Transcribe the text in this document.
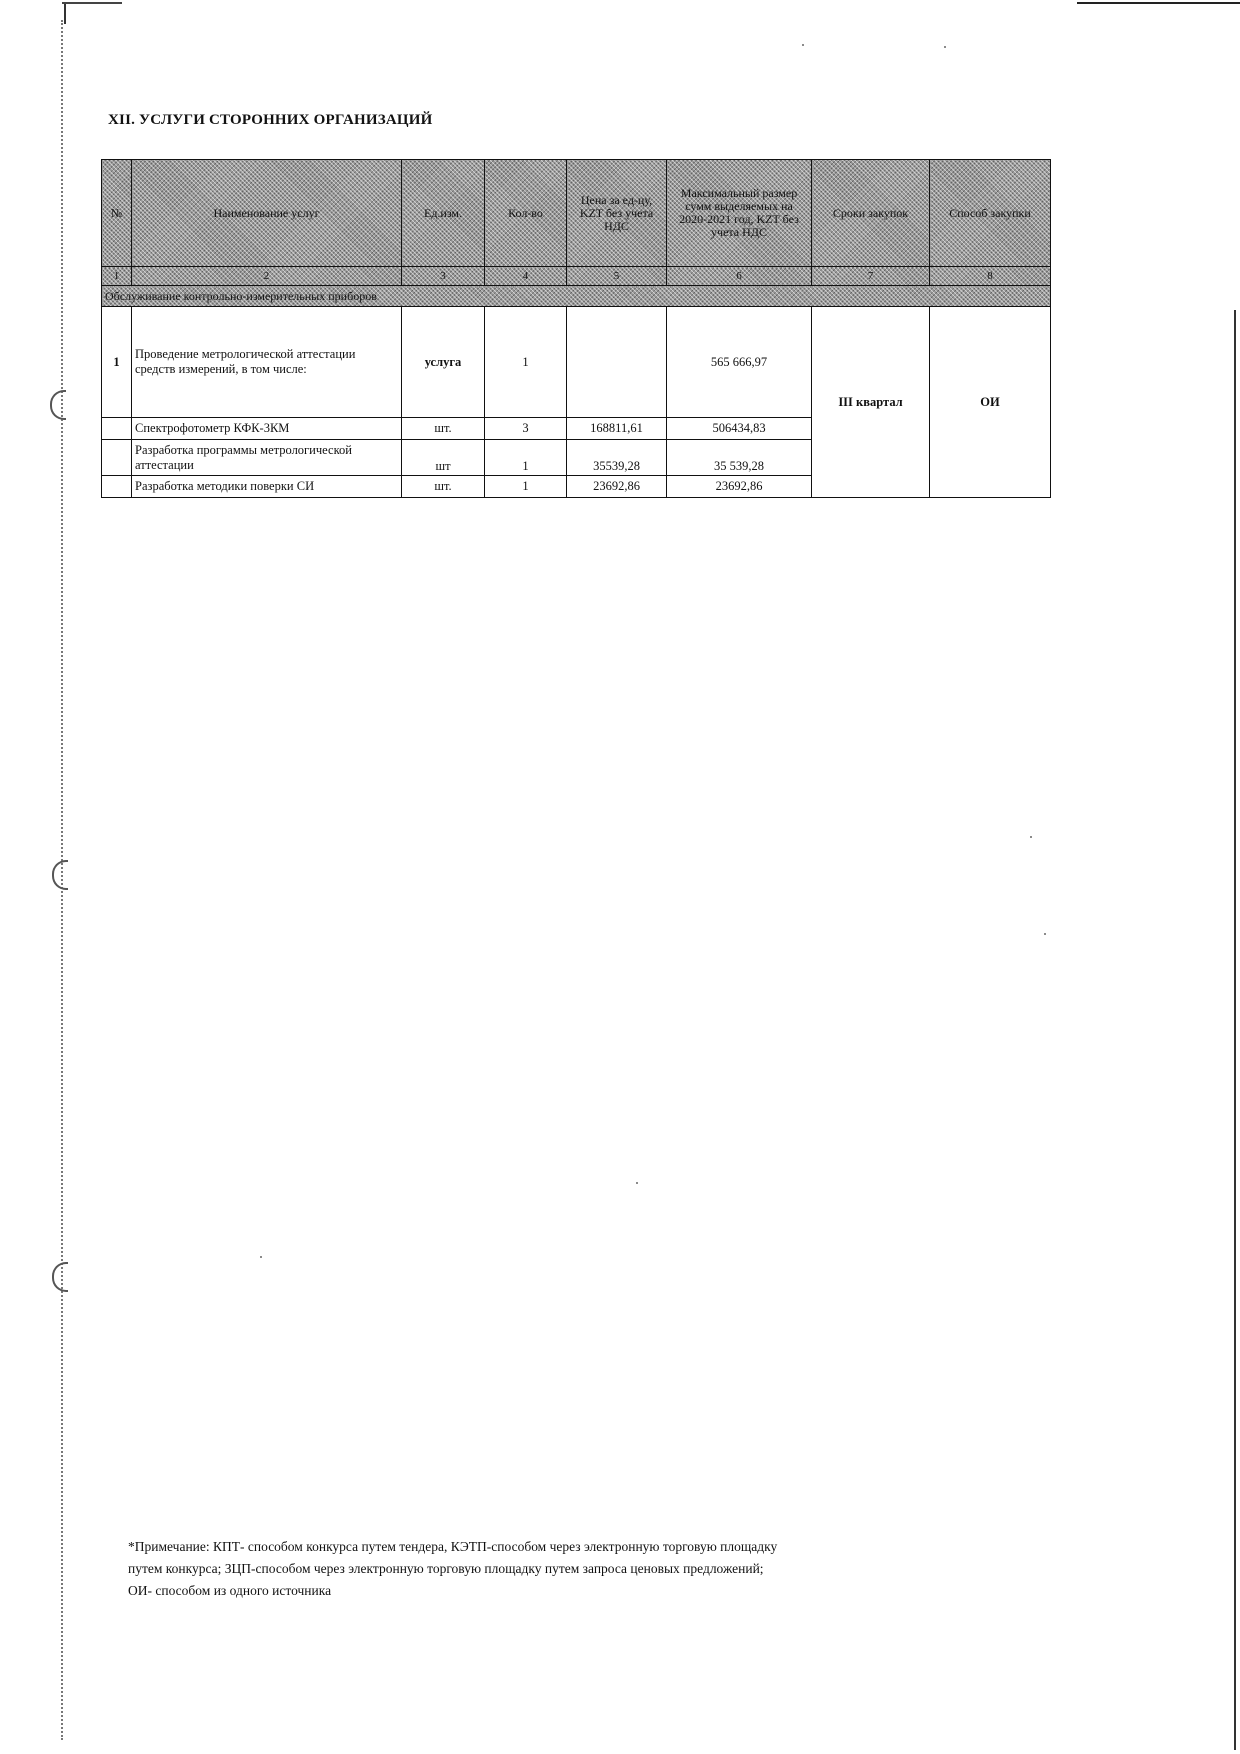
XII. УСЛУГИ СТОРОННИХ ОРГАНИЗАЦИЙ
№	Наименование услуг	Ед.изм.	Кол-во	Цена за ед-цу, KZT без учета НДС	Максимальный размер сумм выделяемых на 2020-2021 год, KZT без учета НДС	Сроки закупок	Способ закупки
1	2	3	4	5	6	7	8
Обслуживание контрольно-измерительных приборов							
1	Проведение метрологической аттестации средств измерений, в том числе:	услуга	1		565 666,97	III квартал	ОИ
	Спектрофотометр КФК-3КМ	шт.	3	168811,61	506434,83		
	Разработка программы метрологической аттестации	шт	1	35539,28	35 539,28		
	Разработка методики поверки СИ	шт.	1	23692,86	23692,86		
*Примечание: КПТ- способом конкурса путем тендера, КЭТП-способом через электронную торговую площадку
путем конкурса; ЗЦП-способом через электронную торговую площадку путем запроса ценовых предложений;
ОИ- способом из одного источника
